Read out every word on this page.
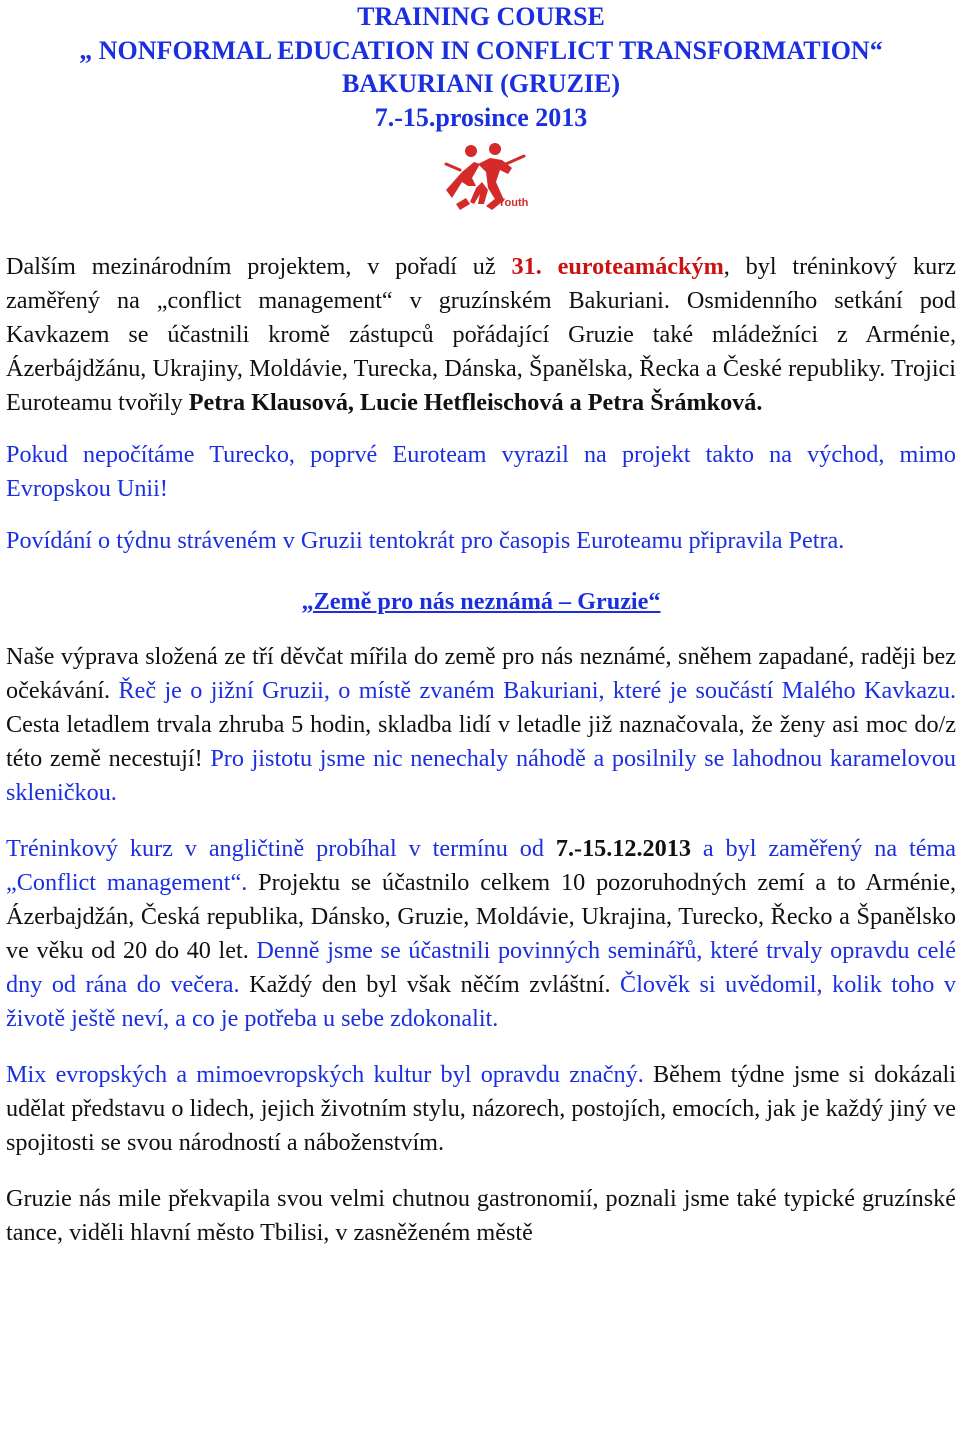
TRAINING COURSE
„ NONFORMAL EDUCATION IN CONFLICT TRANSFORMATION“
BAKURIANI (GRUZIE)
7.-15.prosince 2013
Youth

Dalším mezinárodním projektem, v pořadí už 31. euroteamáckým, byl tréninkový kurz zaměřený na „conflict management“ v gruzínském Bakuriani. Osmidenního setkání pod Kavkazem se účastnili kromě zástupců pořádající Gruzie také mládežníci z Arménie, Ázerbájdžánu, Ukrajiny, Moldávie, Turecka, Dánska, Španělska, Řecka a České republiky. Trojici Euroteamu tvořily Petra Klausová, Lucie Hetfleischová a Petra Šrámková.

Pokud nepočítáme Turecko, poprvé Euroteam vyrazil na projekt takto na východ, mimo Evropskou Unii!

Povídání o týdnu stráveném v Gruzii tentokrát pro časopis Euroteamu připravila Petra.

„Země pro nás neznámá – Gruzie“

Naše výprava složená ze tří děvčat mířila do země pro nás neznámé, sněhem zapadané, raději bez očekávání. Řeč je o jižní Gruzii, o místě zvaném Bakuriani, které je součástí Malého Kavkazu. Cesta letadlem trvala zhruba 5 hodin, skladba lidí v letadle již naznačovala, že ženy asi moc do/z této země necestují! Pro jistotu jsme nic nenechaly náhodě a posilnily se lahodnou karamelovou skleničkou.

Tréninkový kurz v angličtině probíhal v termínu od 7.-15.12.2013 a byl zaměřený na téma „Conflict management“. Projektu se účastnilo celkem 10 pozoruhodných zemí a to Arménie, Ázerbajdžán, Česká republika, Dánsko, Gruzie, Moldávie, Ukrajina, Turecko, Řecko a Španělsko ve věku od 20 do 40 let. Denně jsme se účastnili povinných seminářů, které trvaly opravdu celé dny od rána do večera. Každý den byl však něčím zvláštní. Člověk si uvědomil, kolik toho v životě ještě neví, a co je potřeba u sebe zdokonalit.

Mix evropských a mimoevropských kultur byl opravdu značný. Během týdne jsme si dokázali udělat představu o lidech, jejich životním stylu, názorech, postojích, emocích, jak je každý jiný ve spojitosti se svou národností a náboženstvím.

Gruzie nás mile překvapila svou velmi chutnou gastronomií, poznali jsme také typické gruzínské tance, viděli hlavní město Tbilisi, v zasněženém městě
